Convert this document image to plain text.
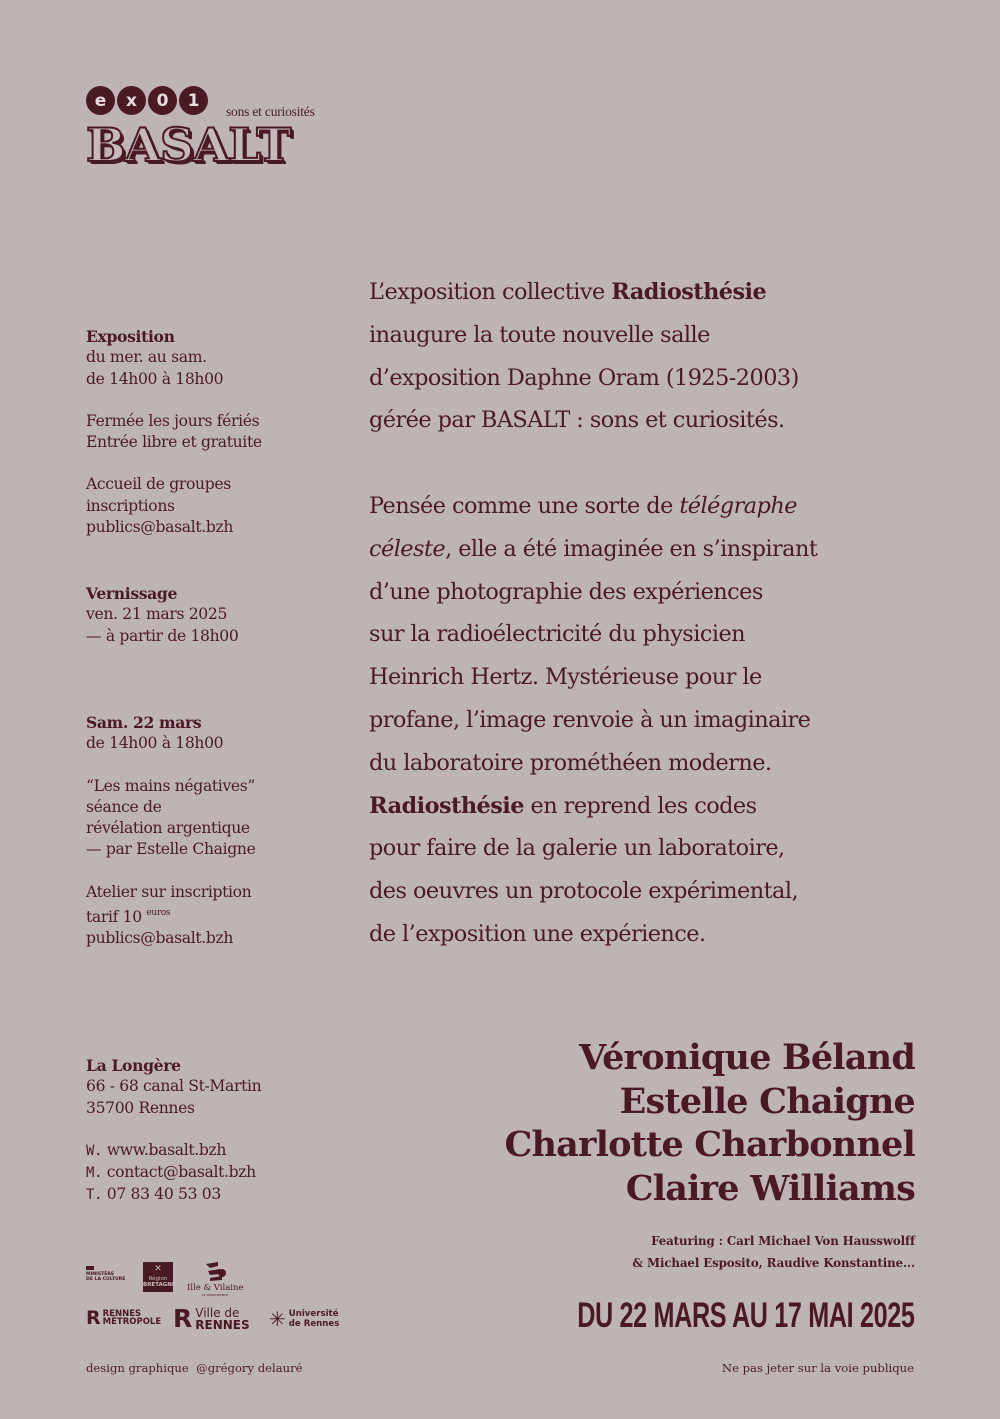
e	x	0	1
sons et curiosités
BASALT
Exposition
du mer. au sam.
de 14h00 à 18h00
Fermée les jours fériés
Entrée libre et gratuite
Accueil de groupes
inscriptions
publics@basalt.bzh
Vernissage
ven. 21 mars 2025
— à partir de 18h00
Sam. 22 mars
de 14h00 à 18h00
“Les mains négatives”
séance de
révélation argentique
— par Estelle Chaigne
Atelier sur inscription
tarif 10 $^{euros}$
publics@basalt.bzh
La Longère
66 - 68 canal St-Martin
35700 Rennes
W. www.basalt.bzh
M. contact@basalt.bzh
T. 07 83 40 53 03

L’exposition collective Radiosthésie
inaugure la toute nouvelle salle
d’exposition Daphne Oram (1925-2003)
gérée par BASALT : sons et curiosités.

Pensée comme une sorte de télégraphe
céleste, elle a été imaginée en s’inspirant
d’une photographie des expériences
sur la radioélectricité du physicien
Heinrich Hertz. Mystérieuse pour le
profane, l’image renvoie à un imaginaire
du laboratoire prométhéen moderne.
Radiosthésie en reprend les codes
pour faire de la galerie un laboratoire,
des oeuvres un protocole expérimental,
de l’exposition une expérience.

Véronique Béland
Estelle Chaigne
Charlotte Charbonnel
Claire Williams
Featuring : Carl Michael Von Hausswolff
& Michael Esposito, Raudive Konstantine...
DU 22 MARS AU 17 MAI 2025
MINISTÈRE
DE LA CULTURE
✕
Région
BRETAGNE Ille & Vilaine
LE DÉPARTEMENT
R RENNES
MÉTROPOLE R Ville de
RENNES ✳ Université
de Rennes
design graphique  @grégory delauré	Ne pas jeter sur la voie publique
